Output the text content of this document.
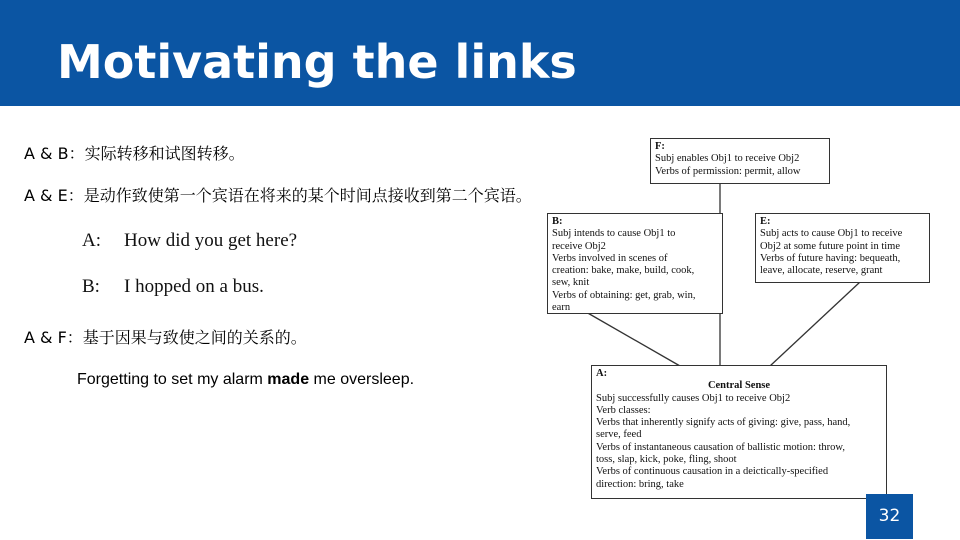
Motivating the links
A & B：实际转移和试图转移。
A & E：是动作致使第一个宾语在将来的某个时间点接收到第二个宾语。
A: How did you get here?
B: I hopped on a bus.
A & F：基于因果与致使之间的关系的。
Forgetting to set my alarm made me oversleep.
F:
Subj enables Obj1 to receive Obj2
Verbs of permission: permit, allow
B:
Subj intends to cause Obj1 to
receive Obj2
Verbs involved in scenes of
creation: bake, make, build, cook,
sew, knit
Verbs of obtaining: get, grab, win,
earn
E:
Subj acts to cause Obj1 to receive
Obj2 at some future point in time
Verbs of future having: bequeath,
leave, allocate, reserve, grant
A:
Central Sense
Subj successfully causes Obj1 to receive Obj2
Verb classes:
Verbs that inherently signify acts of giving: give, pass, hand,
serve, feed
Verbs of instantaneous causation of ballistic motion: throw,
toss, slap, kick, poke, fling, shoot
Verbs of continuous causation in a deictically-specified
direction: bring, take
32
